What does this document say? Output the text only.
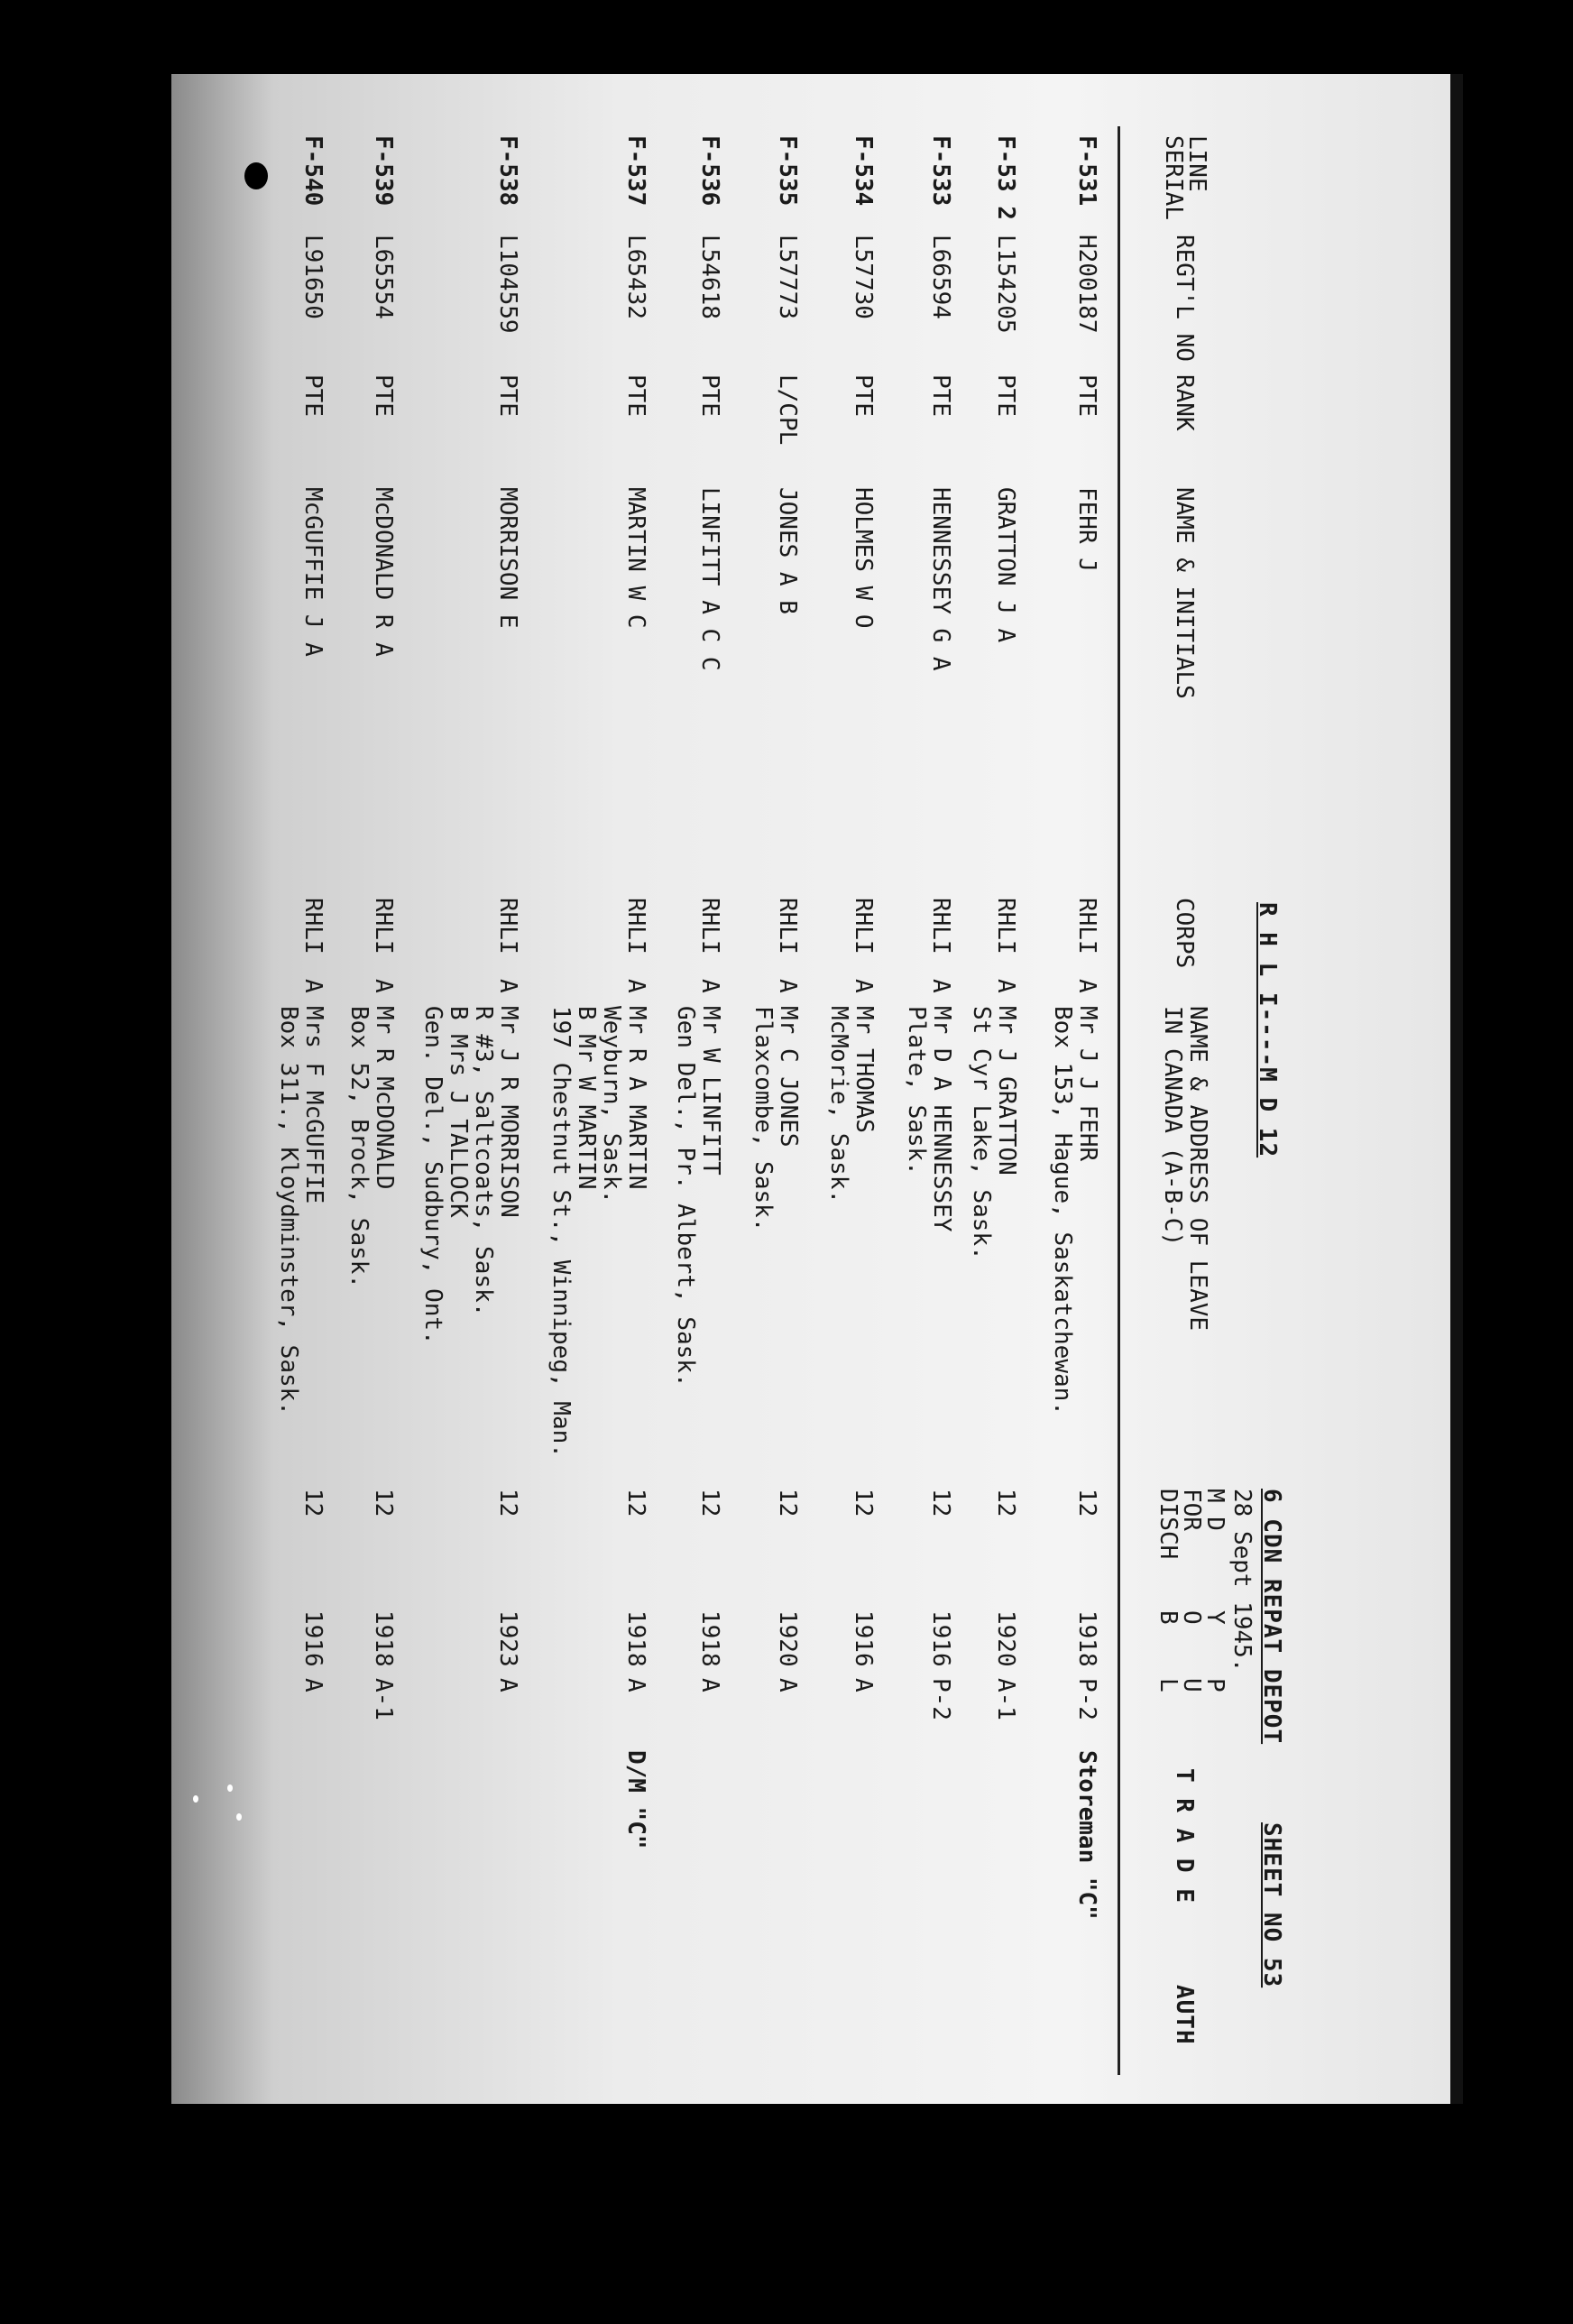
R H L I----M D 12
6 CDN REPAT DEPOT
SHEET NO 53
28 Sept 1945.
LINE
SERIAL
REGT'L NO
RANK
NAME & INITIALS
CORPS
NAME & ADDRESS OF LEAVE
IN CANADA (A-B-C)
M D
FOR
DISCH
Y
O
B
P
U
L
T R A D E
AUTH
F-531
H200187
PTE
FEHR J
RHLI
A
12
1918
P-2
Storeman "C"
Mr J J FEHR
Box 153, Hague, Saskatchewan.
F-53 2
L154205
PTE
GRATTON J A
RHLI
A
12
1920
A-1
Mr J GRATTON
St Cyr Lake, Sask.
F-533
L66594
PTE
HENNESSEY G A
RHLI
A
12
1916
P-2
Mr D A HENNESSEY
Plate, Sask.
F-534
L57730
PTE
HOLMES W O
RHLI
A
12
1916
A
Mr THOMAS
McMorie, Sask.
F-535
L57773
L/CPL
JONES A B
RHLI
A
12
1920
A
Mr C JONES
Flaxcombe, Sask.
F-536
L54618
PTE
LINFITT A C C
RHLI
A
12
1918
A
Mr W LINFITT
Gen Del., Pr. Albert, Sask.
F-537
L65432
PTE
MARTIN W C
RHLI
A
12
1918
A
D/M "C"
Mr R A MARTIN
Weyburn, Sask.
B Mr W MARTIN
197 Chestnut St., Winnipeg, Man.
F-538
L104559
PTE
MORRISON E
RHLI
A
12
1923
A
Mr J R MORRISON
R #3, Saltcoats, Sask.
B Mrs J TALLOCK
Gen. Del., Sudbury, Ont.
F-539
L65554
PTE
McDONALD R A
RHLI
A
12
1918
A-1
Mr R McDONALD
Box 52, Brock, Sask.
F-540
L91650
PTE
McGUFFIE J A
RHLI
A
12
1916
A
Mrs F McGUFFIE
Box 311., Kloydminster, Sask.
